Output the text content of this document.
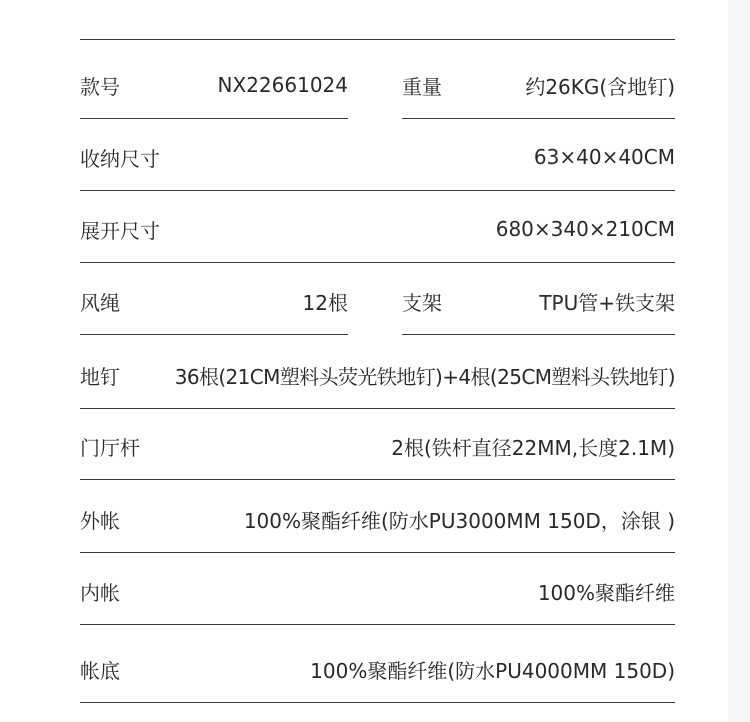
款号	NX22661024	重量	约26KG(含地钉)
收纳尺寸	63×40×40CM
展开尺寸	680×340×210CM
风绳	12根	支架	TPU管+铁支架
地钉	36根(21CM塑料头荧光铁地钉)+4根(25CM塑料头铁地钉)
门厅杆	2根(铁杆直径22MM,长度2.1M)
外帐	100%聚酯纤维(防水PU3000MM 150D，涂银 )
内帐	100%聚酯纤维
帐底	100%聚酯纤维(防水PU4000MM 150D)
